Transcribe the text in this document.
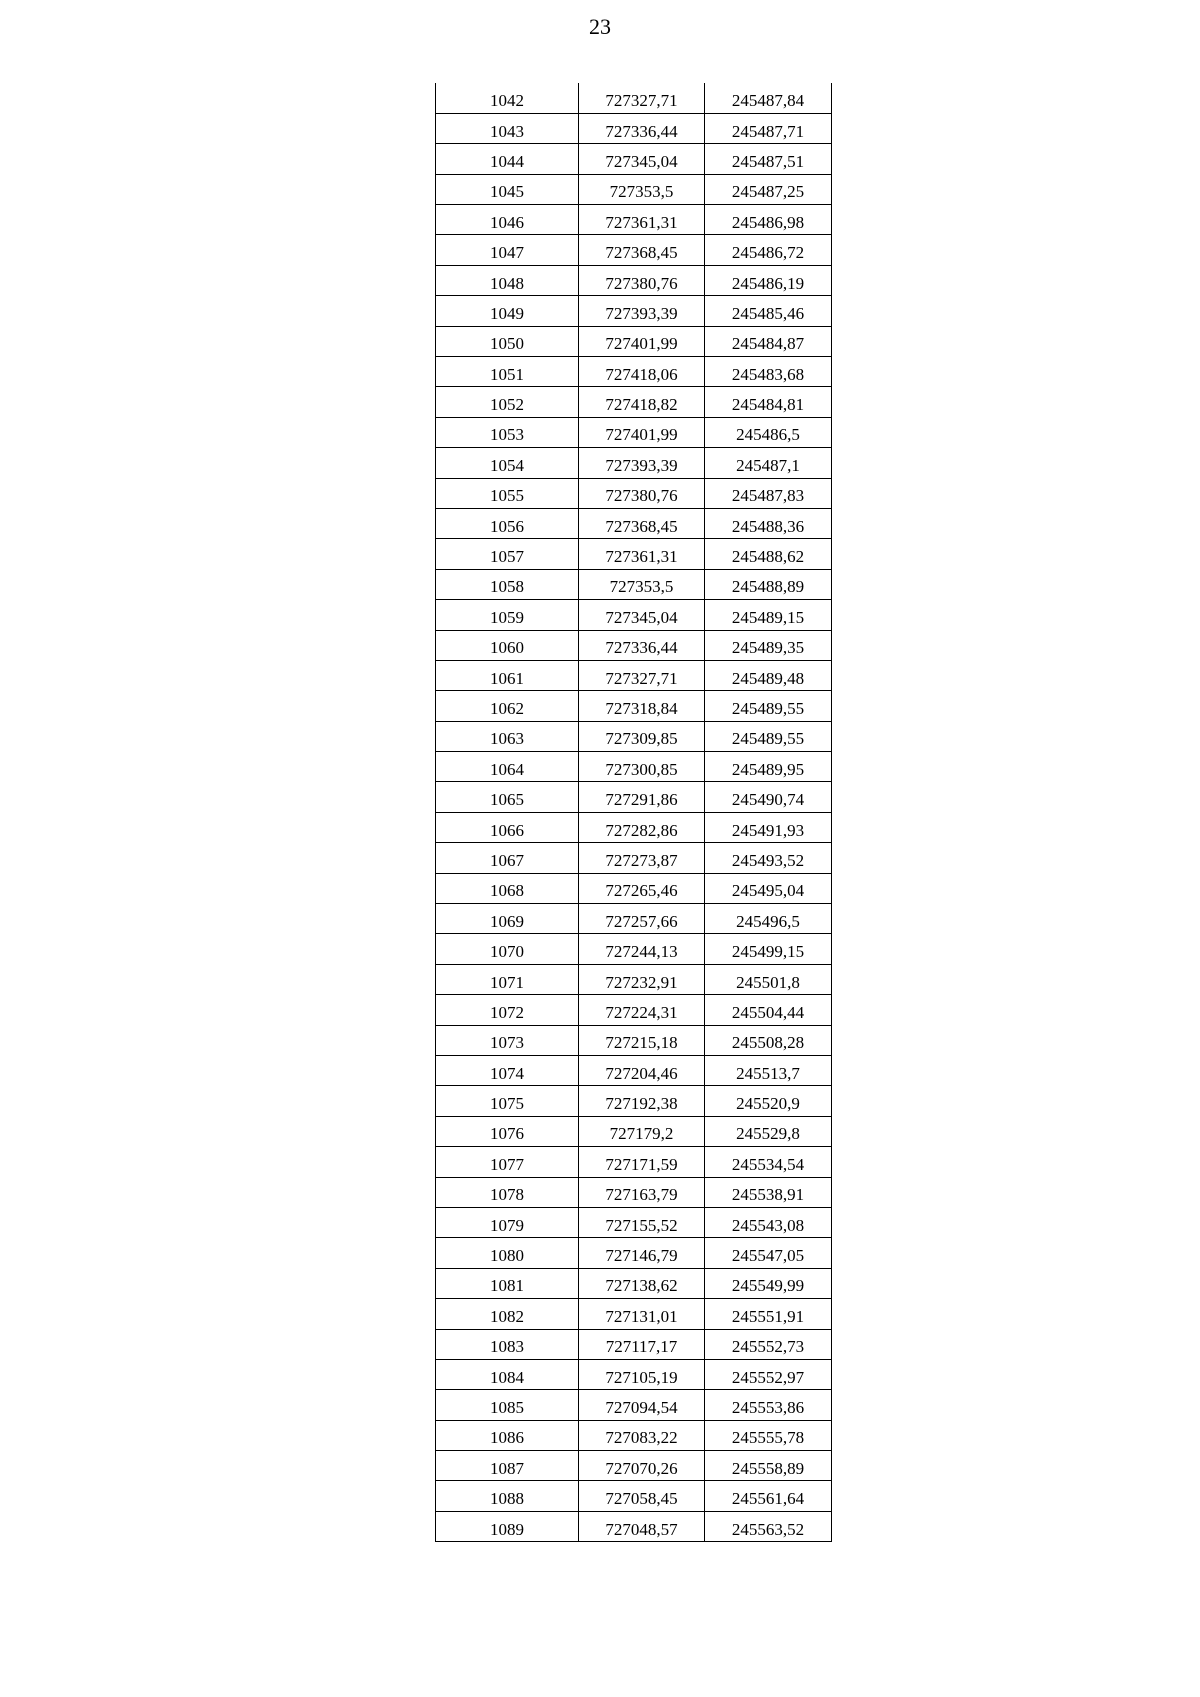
23
1042	727327,71	245487,84
1043	727336,44	245487,71
1044	727345,04	245487,51
1045	727353,5	245487,25
1046	727361,31	245486,98
1047	727368,45	245486,72
1048	727380,76	245486,19
1049	727393,39	245485,46
1050	727401,99	245484,87
1051	727418,06	245483,68
1052	727418,82	245484,81
1053	727401,99	245486,5
1054	727393,39	245487,1
1055	727380,76	245487,83
1056	727368,45	245488,36
1057	727361,31	245488,62
1058	727353,5	245488,89
1059	727345,04	245489,15
1060	727336,44	245489,35
1061	727327,71	245489,48
1062	727318,84	245489,55
1063	727309,85	245489,55
1064	727300,85	245489,95
1065	727291,86	245490,74
1066	727282,86	245491,93
1067	727273,87	245493,52
1068	727265,46	245495,04
1069	727257,66	245496,5
1070	727244,13	245499,15
1071	727232,91	245501,8
1072	727224,31	245504,44
1073	727215,18	245508,28
1074	727204,46	245513,7
1075	727192,38	245520,9
1076	727179,2	245529,8
1077	727171,59	245534,54
1078	727163,79	245538,91
1079	727155,52	245543,08
1080	727146,79	245547,05
1081	727138,62	245549,99
1082	727131,01	245551,91
1083	727117,17	245552,73
1084	727105,19	245552,97
1085	727094,54	245553,86
1086	727083,22	245555,78
1087	727070,26	245558,89
1088	727058,45	245561,64
1089	727048,57	245563,52
